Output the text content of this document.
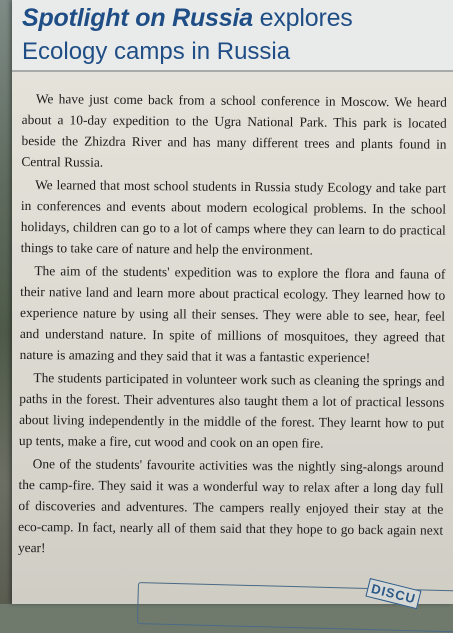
Spotlight on Russia explores
Ecology camps in Russia

We have just come back from a school conference in Moscow. We heard about a 10-day expedition to the Ugra National Park. This park is located beside the Zhizdra River and has many different trees and plants found in Central Russia.

We learned that most school students in Russia study Ecology and take part in conferences and events about modern ecological problems. In the school holidays, children can go to a lot of camps where they can learn to do practical things to take care of nature and help the environment.

The aim of the students' expedition was to explore the flora and fauna of their native land and learn more about practical ecology. They learned how to experience nature by using all their senses. They were able to see, hear, feel and understand nature. In spite of millions of mosquitoes, they agreed that nature is amazing and they said that it was a fantastic experience!

The students participated in volunteer work such as cleaning the springs and paths in the forest. Their adventures also taught them a lot of practical lessons about living independently in the middle of the forest. They learnt how to put up tents, make a fire, cut wood and cook on an open fire.

One of the students' favourite activities was the nightly sing-alongs around the camp-fire. They said it was a wonderful way to relax after a long day full of discoveries and adventures. The campers really enjoyed their stay at the eco-camp. In fact, nearly all of them said that they hope to go back again next year!

DISCU
